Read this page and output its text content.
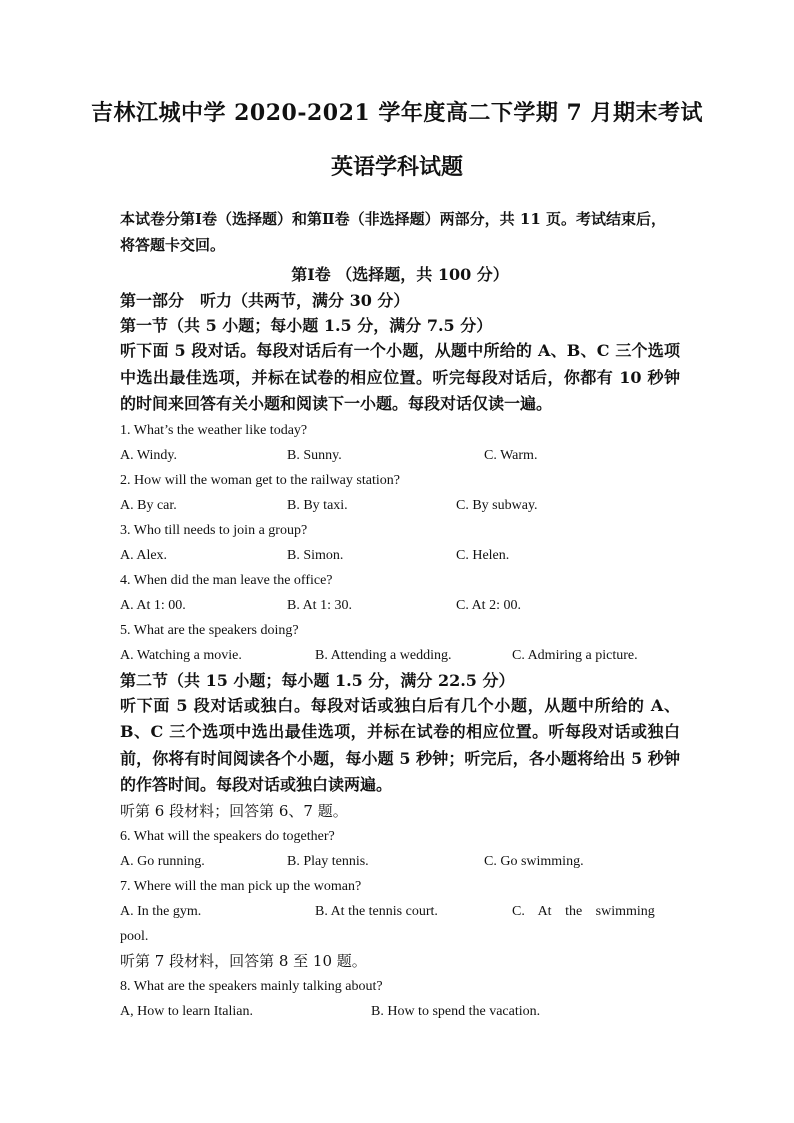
吉林江城中学 2020-2021 学年度高二下学期 7 月期末考试
英语学科试题

本试卷分第Ⅰ卷（选择题）和第Ⅱ卷（非选择题）两部分，共 11 页。考试结束后，将答题卡交回。

第Ⅰ卷 （选择题，共 100 分）

第一部分　听力（共两节，满分 30 分）

第一节（共 5 小题；每小题 1.5 分，满分 7.5 分）

听下面 5 段对话。每段对话后有一个小题，从题中所给的 A、B、C 三个选项中选出最佳选项，并标在试卷的相应位置。听完每段对话后，你都有 10 秒钟的时间来回答有关小题和阅读下一小题。每段对话仅读一遍。

1. What’s the weather like today?

A. Windy.	B. Sunny.	C. Warm.

2. How will the woman get to the railway station?

A. By car.	B. By taxi.	C. By subway.

3. Who till needs to join a group?

A. Alex.	B. Simon.	C. Helen.

4. When did the man leave the office?

A. At 1: 00.	B. At 1: 30.	C. At 2: 00.

5. What are the speakers doing?

A. Watching a movie.	B. Attending a wedding.	C. Admiring a picture.

第二节（共 15 小题；每小题 1.5 分，满分 22.5 分）

听下面 5 段对话或独白。每段对话或独白后有几个小题，从题中所给的 A、B、C 三个选项中选出最佳选项，并标在试卷的相应位置。听每段对话或独白前，你将有时间阅读各个小题，每小题 5 秒钟；听完后，各小题将给出 5 秒钟的作答时间。每段对话或独白读两遍。

听第 6 段材料；回答第 6、7 题。

6. What will the speakers do together?

A. Go running.	B. Play tennis.	C. Go swimming.

7. Where will the man pick up the woman?

A. In the gym.	B. At the tennis court.	C. At the swimming

pool.

听第 7 段材料，回答第 8 至 10 题。

8. What are the speakers mainly talking about?

A, How to learn Italian.	B. How to spend the vacation.
